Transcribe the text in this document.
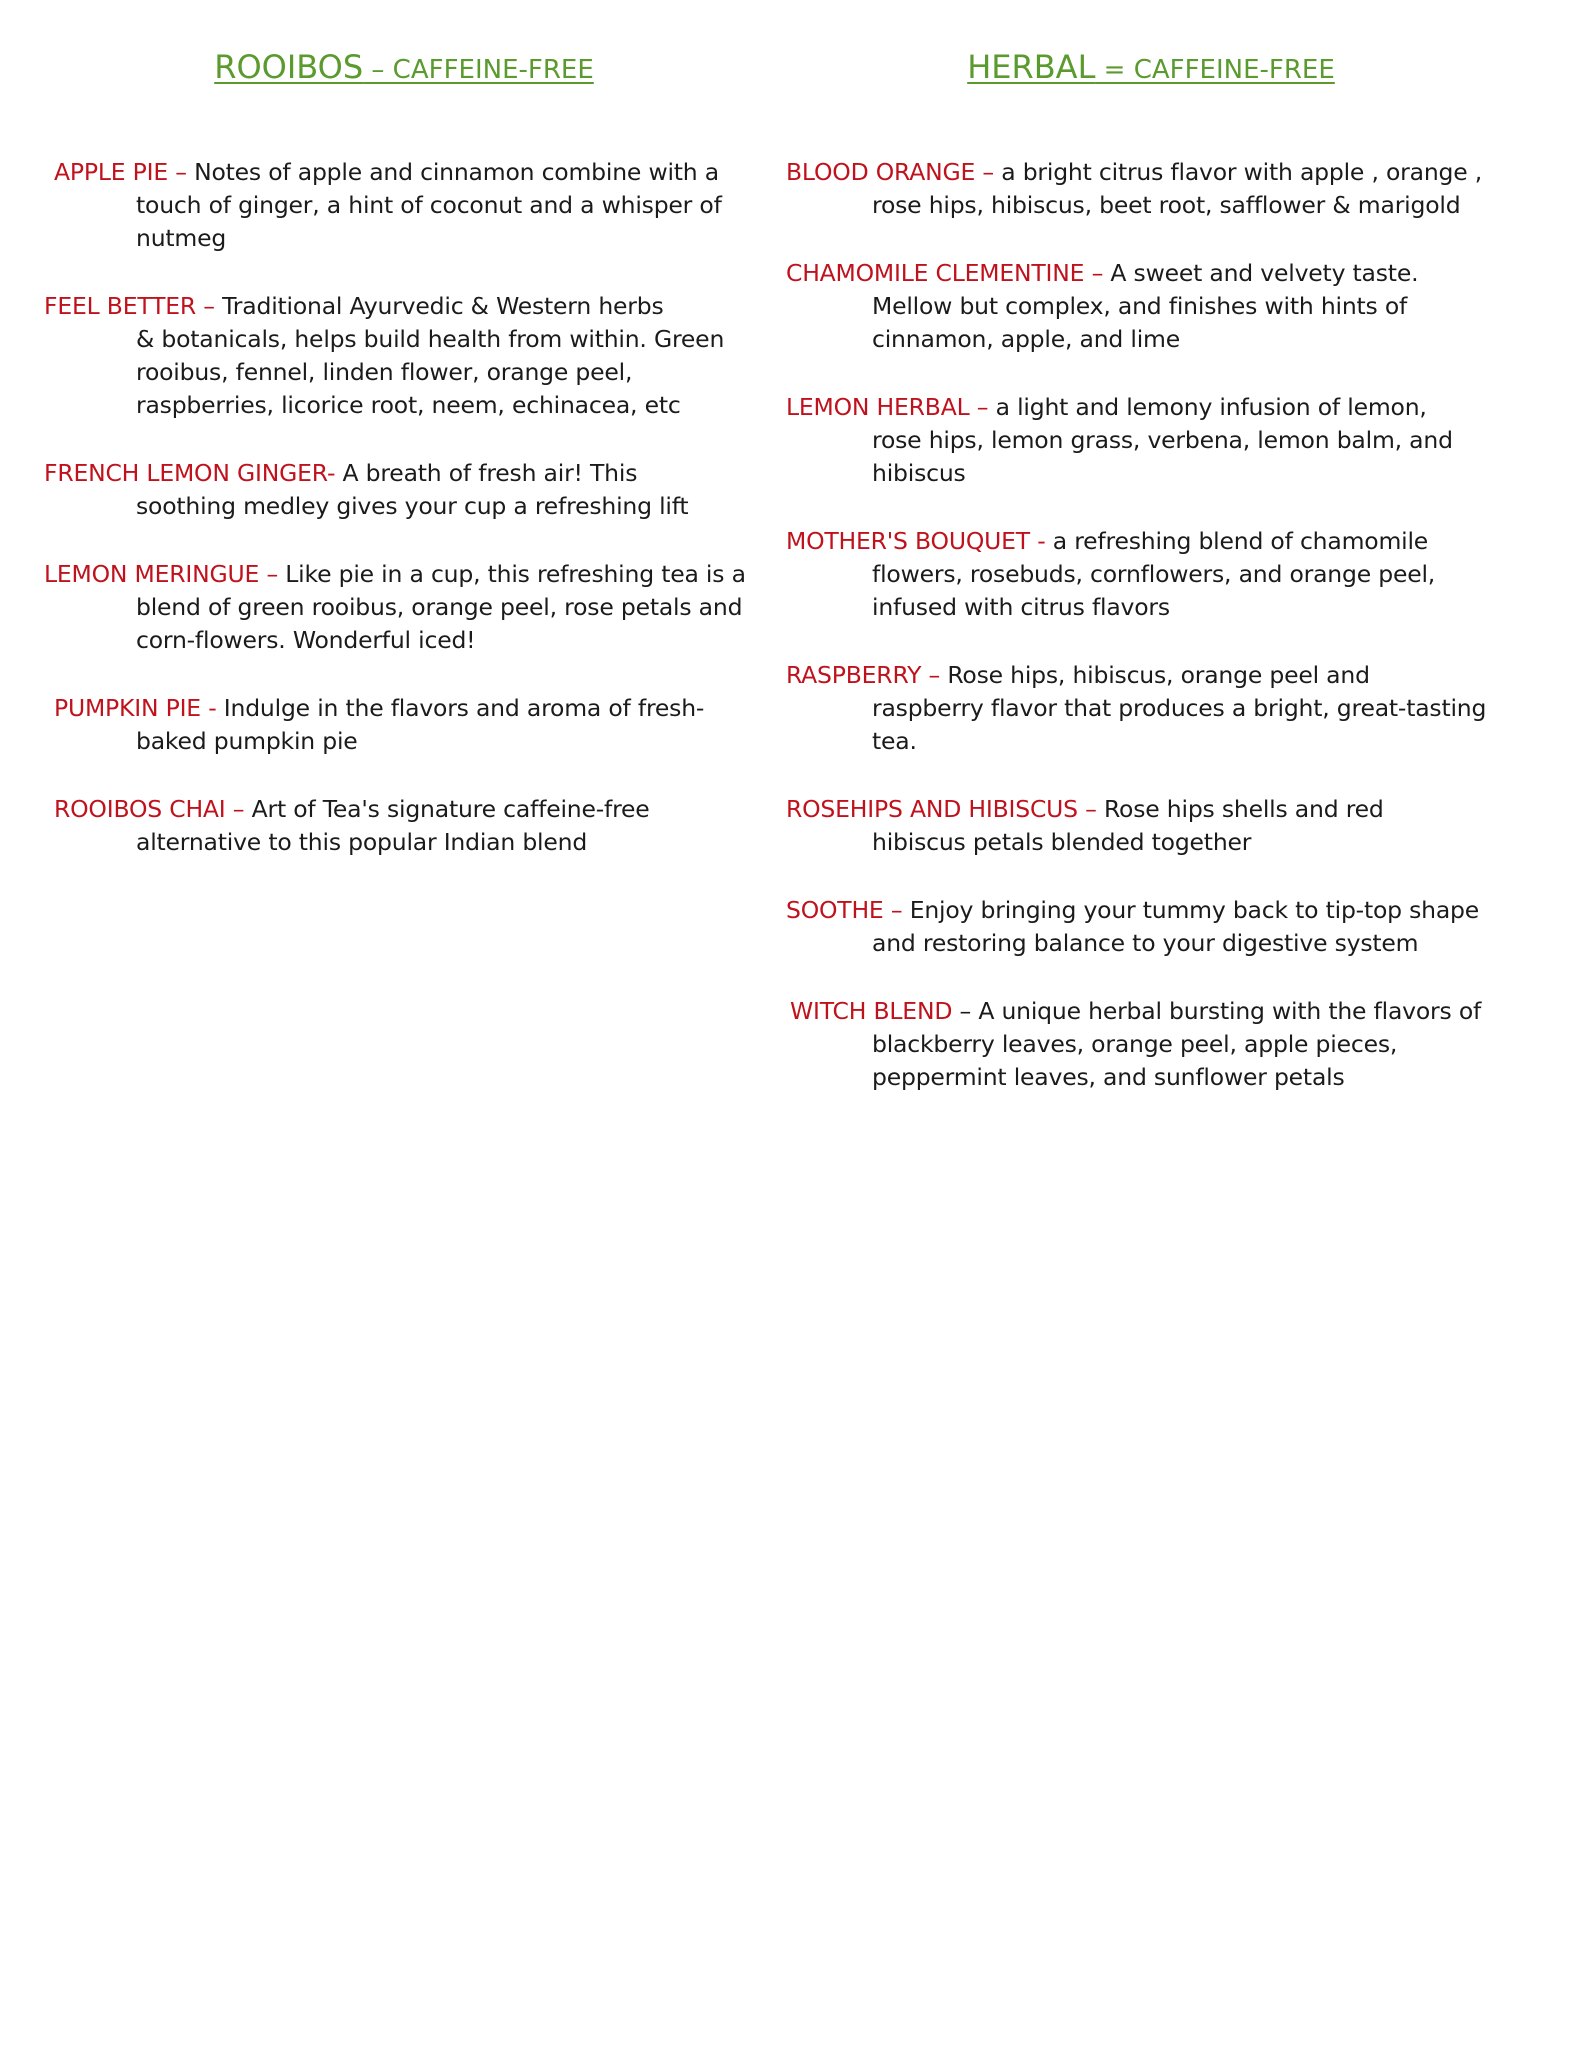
ROOIBOS – CAFFEINE-FREE
APPLE PIE – Notes of apple and cinnamon combine with a
touch of ginger, a hint of coconut and a whisper of
nutmeg
FEEL BETTER – Traditional Ayurvedic & Western herbs
& botanicals, helps build health from within. Green
rooibus, fennel, linden flower, orange peel,
raspberries, licorice root, neem, echinacea, etc
FRENCH LEMON GINGER- A breath of fresh air! This
soothing medley gives your cup a refreshing lift
LEMON MERINGUE – Like pie in a cup, this refreshing tea is a
blend of green rooibus, orange peel, rose petals and
corn-flowers. Wonderful iced!
PUMPKIN PIE - Indulge in the flavors and aroma of fresh-
baked pumpkin pie
ROOIBOS CHAI – Art of Tea's signature caffeine-free
alternative to this popular Indian blend
HERBAL = CAFFEINE-FREE
BLOOD ORANGE – a bright citrus flavor with apple , orange ,
rose hips, hibiscus, beet root, safflower & marigold
CHAMOMILE CLEMENTINE – A sweet and velvety taste.
Mellow but complex, and finishes with hints of
cinnamon, apple, and lime
LEMON HERBAL – a light and lemony infusion of lemon,
rose hips, lemon grass, verbena, lemon balm, and
hibiscus
MOTHER'S BOUQUET - a refreshing blend of chamomile
flowers, rosebuds, cornflowers, and orange peel,
infused with citrus flavors
RASPBERRY – Rose hips, hibiscus, orange peel and
raspberry flavor that produces a bright, great-tasting
tea.
ROSEHIPS AND HIBISCUS – Rose hips shells and red
hibiscus petals blended together
SOOTHE – Enjoy bringing your tummy back to tip-top shape
and restoring balance to your digestive system
WITCH BLEND – A unique herbal bursting with the flavors of
blackberry leaves, orange peel, apple pieces,
peppermint leaves, and sunflower petals
